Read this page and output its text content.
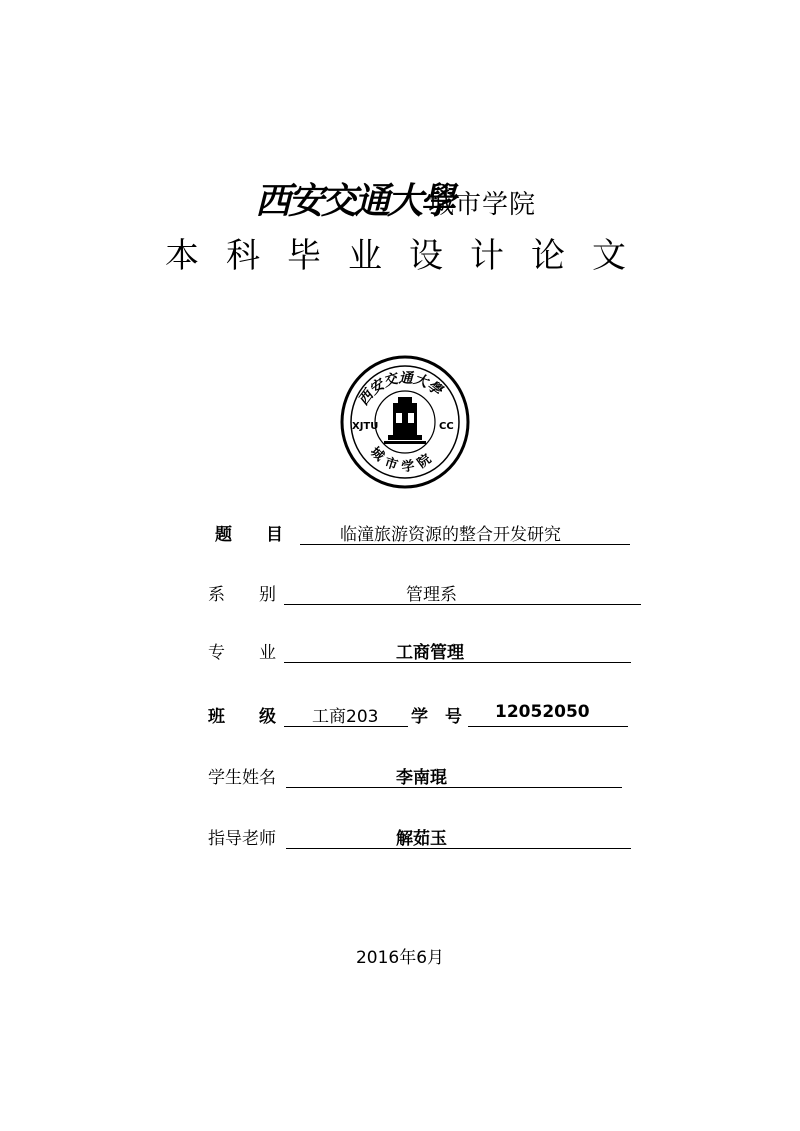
西安交通大學
城市学院
本科毕业设计论文
西安交通大學
城市学院
XJTU	CC
题　　目	临潼旅游资源的整合开发研究
系　　别	管理系
专　　业	工商管理
班　　级 工商203 学　号 12052050
学生姓名	李南琨
指导老师	解茹玉
2016年6月
